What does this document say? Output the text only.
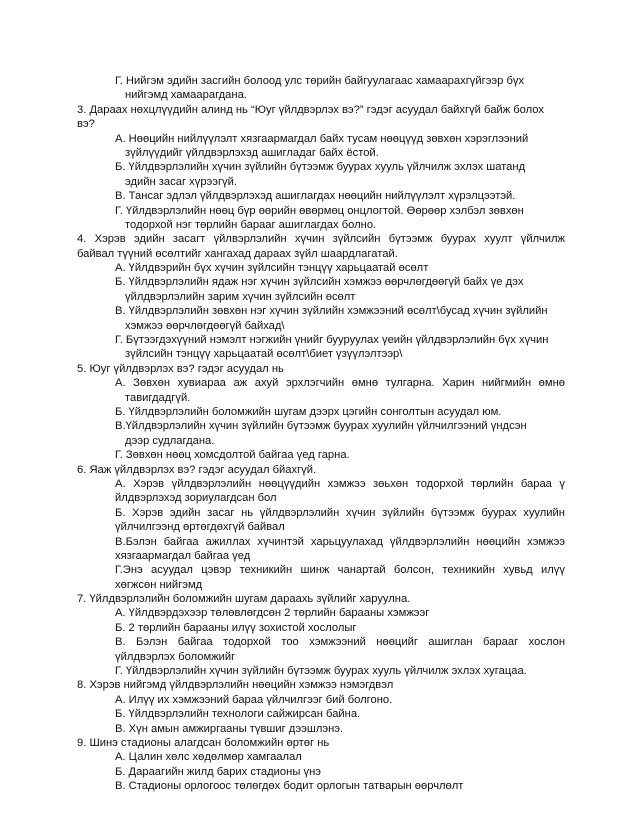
Г. Нийгэм эдийн засгийн болоод улс төрийн байгуулагаас хамаарахгүйгээр бүх
нийгэмд хамаарагдана.
3. Дараах нөхцлүүдийн алинд нь “Юуг үйлдвэрлэх вэ?” гэдэг асуудал байхгүй байж болох
вэ?
А. Нөөцийн нийлүүлэлт хязгаармагдал байх тусам нөөцүүд зөвхөн хэрэглээний
зүйлүүдийг үйлдвэрлэхэд ашигладаг байх ёстой.
Б. Үйлдвэрлэлийн хүчин зүйлийн бүтээмж буурах хууль үйлчилж эхлэх шатанд
эдийн засаг хүрээгүй.
В. Тансаг эдлэл үйлдвэрлэхэд ашиглагдах нөөцийн нийлүүлэлт хүрэлцээтэй.
Г. Үйлдвэрлэлийн нөөц бүр өөрийн өвөрмөц онцлогтой. Өөрөөр хэлбэл зөвхөн
тодорхой нэг төрлийн барааг ашиглагдах болно.
4. Хэрэв эдийн засагт үйлвэрлэлийн хүчин зүйлсийн бүтээмж буурах хуулт үйлчилж
байвал түүний өсөлтийг хангахад дараах зүйл шаардлагатай.
А. Үйлдвэрийн бүх хүчин зүйлсийн тэнцүү харьцаатай өсөлт
Б. Үйлдвэрлэлийн ядаж нэг хүчин зүйлсийн хэмжээ өөрчлөгдөөгүй байх үе дэх
үйлдвэрлэлийн зарим хүчин зүйлсийн өсөлт
В. Үйлдвэрлэлийн зөвхөн нэг хүчин зүйлийн хэмжээний өсөлт\бусад хүчин зүйлийн
хэмжээ өөрчлөгдөөгүй байхад\
Г. Бүтээгдэхүүний нэмэлт нэгжийн үнийг бууруулах үеийн үйлдвэрлэлийн бүх хүчин
зүйлсийн тэнцүү харьцаатай өсөлт\биет үзүүлэлтээр\
5. Юуг үйлдвэрлэх вэ? гэдэг асуудал нь
А. Зөвхөн хувиараа аж ахуй эрхлэгчийн өмнө тулгарна. Харин нийгмийн өмнө
тавигдадгүй.
Б. Үйлдвэрлэлийн боломжийн шугам дээрх цэгийн сонголтын асуудал юм.
В.Үйлдвэрлэлийн хүчин зүйлийн бүтээмж буурах хуулийн үйлчилгээний үндсэн
дээр судлагдана.
Г. Зөвхөн нөөц хомсдолтой байгаа үед гарна.
6. Яаж үйлдвэрлэх вэ? гэдэг асуудал бйахгүй.
А. Хэрэв үйлдвэрлэлийн нөөцүүдийн хэмжээ зөьхөн тодорхой төрлийн бараа ү
йлдвэрлэхэд зориулагдсан бол
Б. Хэрэв эдийн засаг нь үйлдвэрлэлийн хүчин зүйлийн бүтээмж буурах хуулийн
үйлчилгээнд өртөгдөхгүй байвал
В.Бэлэн байгаа ажиллах хүчинтэй харьцуулахад үйлдвэрлэлийн нөөцийн хэмжээ
хязгаармагдал байгаа үед
Г.Энэ асуудал цэвэр техникийн шинж чанартай болсон, техникийн хувьд илүү
хөгжсөн нийгэмд
7. Үйлдвэрлэлийн боломжийн шугам дараахь зүйлийг харуулна.
А. Үйлдвэрдэхээр төлөвлөгдсөн 2 төрлийн барааны хэмжээг
Б. 2 төрлийн барааны илүү зохистой хослолыг
В. Бэлэн байгаа тодорхой тоо хэмжээний нөөцийг ашиглан барааг хослон
үйлдвэрлэх боломжийг
Г. Үйлдвэрлэлийн хүчин зүйлийн бүтээмж буурах хууль үйлчилж эхлэх хугацаа.
8. Хэрэв нийгэмд үйлдвэрлэлийн нөөцийн хэмжээ нэмэгдвэл
А. Илүү их хэмжээний бараа үйлчилгээг бий болгоно.
Б. Үйлдвэрлэлийн технологи сайжирсан байна.
В. Хүн амын амжиргааны түвшиг дээшлэнэ.
9. Шинэ стадионы алагдсан боломжийн өртөг нь
А. Цалин хөлс хөдөлмөр хамгаалал
Б. Дараагийн жилд барих стадионы үнэ
В. Стадионы орлогоос төлөгдөх бодит орлогын татварын өөрчлөлт
